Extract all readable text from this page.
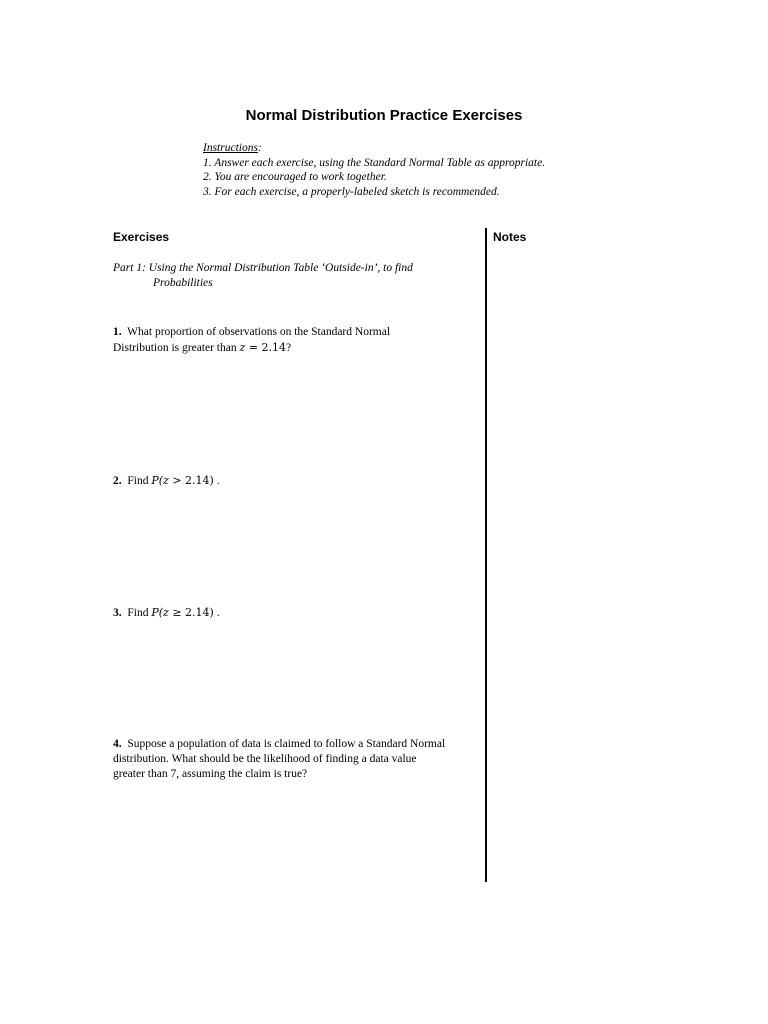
Normal Distribution Practice Exercises
Instructions:
1. Answer each exercise, using the Standard Normal Table as appropriate.
2. You are encouraged to work together.
3. For each exercise, a properly-labeled sketch is recommended.
Exercises	Notes
Part 1: Using the Normal Distribution Table ‘Outside-in’, to find
Probabilities
1. What proportion of observations on the Standard Normal
Distribution is greater than z = 2.14?
2. Find P(z > 2.14) .
3. Find P(z ≥ 2.14) .
4. Suppose a population of data is claimed to follow a Standard Normal
distribution. What should be the likelihood of finding a data value
greater than 7, assuming the claim is true?
